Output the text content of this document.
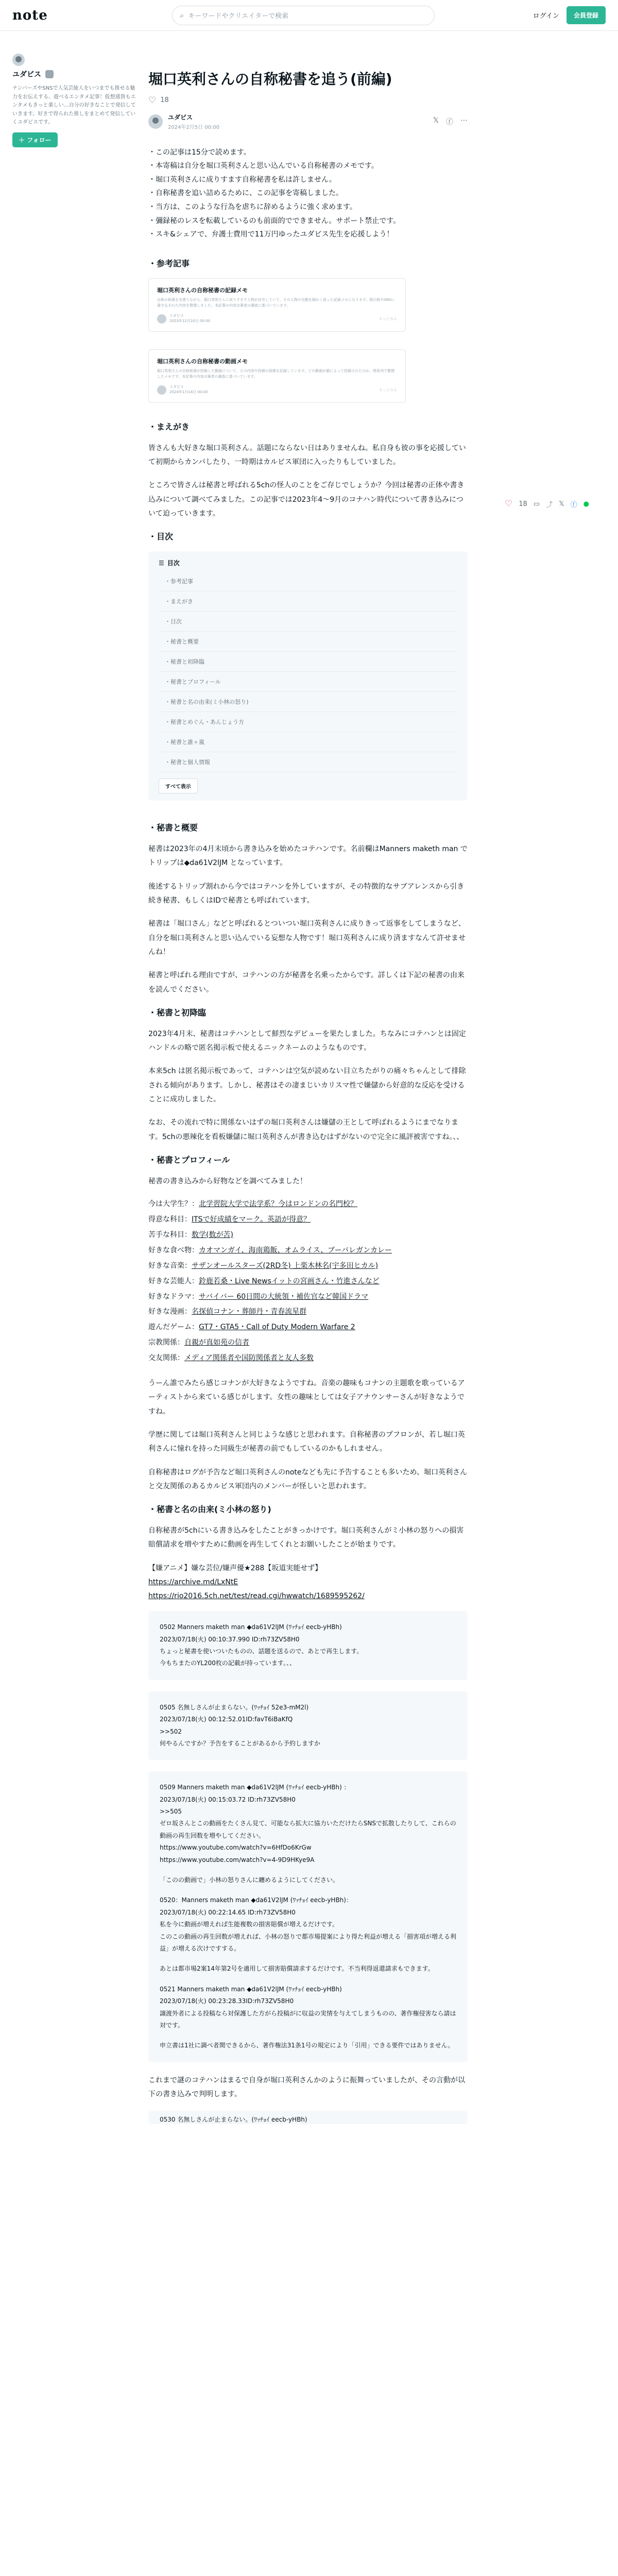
note	⌕ キーワードやクリエイターで検索	ログイン	会員登録
ユダビス
ナンバーズやSNSで人気芸能人をいつまでも推せる魅力をお伝えする、遊べるエンタメ記事！仮想通貨もエンタメもきっと楽しい…自分の好きなことで発信していきます。好きで得られた推しをまとめて発信していくユダビスです。
＋ フォロー
♡ 18 ▭ ⤴ 𝕏 ⓕ ●
堀口英利さんの自称秘書を追う(前編)
♡ 18
ユダビス
2024年2月5日 00:00
𝕏 ⓕ ⋯
・ この記事は15分で読めます。
・ 本寄稿は自分を堀口英利さんと思い込んでいる自称秘書のメモです。
・ 堀口英利さんに成りすます自称秘書を私は許しません。
・ 自称秘書を追い詰めるために、この記事を寄稿しました。
・ 当方は、このような行為を虐ちに辞めるように強く求めます。
・ 彌録秘のレスを転載しているのも前面的でできません。サポート禁止です。
・ スキ&シェアで、弁護士費用で11万円ゆったユダビス先生を応援しよう！
・参考記事
堀口英利さんの自称秘書の記録メモ
自称の秘書を名乗りながら、堀口英利さんに成りすます人物が存在していて、その人物の言動を細かく追った記録メモになります。掲示板やSNSに書き込まれた内容を整理しました。本記事の内容は筆者の調査に基づいています。
ユダビス
2023年12月10日 00:00	もっとみる
堀口英利さんの自称秘書の動画メモ
堀口英利さんの自称秘書が投稿した動画について、その内容や投稿の経緯を記録しています。どの動画が誰によって投稿されたのか、時系列で整理したメモです。本記事の内容は筆者の調査に基づいています。
ユダビス
2024年1月14日 00:00	もっとみる
・まえがき

皆さんも大好きな堀口英利さん。話題にならない日はありませんね。私自身も彼の事を応援していて初期からカンパしたり、一時期はカルビス軍団に入ったりもしていました。

ところで皆さんは秘書と呼ばれる5chの怪人のことをご存じでしょうか？今回は秘書の正体や書き込みについて調べてみました。この記事では2023年4〜9月のコナハン時代について書き込みについて迫っていきます。

・目次
☰ 目次
・参考記事
・まえがき
・目次
・秘書と概要
・秘書と初降臨
・秘書とプロフィール
・秘書と名の由来(ミ小林の怒り)
・秘書とめぐん・あんじょう方
・秘書と誰ヶ嵐
・秘書と個人情報
すべて表示
・秘書と概要

秘書は2023年の4月末頃から書き込みを始めたコテハンです。名前欄はManners maketh man でトリップは◆da61V2lJM となっています。

後述するトリップ割れから今ではコテハンを外していますが、その特徴的なサブアレンスから引き続き秘書、もしくはIDで秘書とも呼ばれています。

秘書は「堀口さん」などと呼ばれるとついつい堀口英利さんに成りきって返事をしてしまうなど、自分を堀口英利さんと思い込んでいる妄想な人物です！堀口英利さんに成り済ますなんて許せませんね！

秘書と呼ばれる理由ですが、コテハンの方が秘書を名乗ったからです。詳しくは下記の秘書の由来を読んでください。

・秘書と初降臨

2023年4月末、秘書はコテハンとして鮮烈なデビューを果たしました。ちなみにコテハンとは固定ハンドルの略で匿名掲示板で使えるニックネームのようなものです。

本来5ch は匿名掲示板であって、コテハンは空気が読めない目立ちたがりの痛々ちゃんとして排除される傾向があります。しかし、秘書はその凄まじいカリスマ性で嫌儲から好意的な反応を受けることに成功しました。

なお、その流れで特に関係ないはずの堀口英利さんは嫌儲の王として呼ばれるようにまでなります。5chの悪辣化を看板嫌儲に堀口英利さんが書き込むはずがないので完全に風評被害ですね。、、

・秘書とプロフィール

秘書の書き込みから好物などを調べてみました！

今は大学生？：北学習院大学で法学系？今はロンドンの名門校？

得意な科目：ITSで好成績をマーク。英語が得意？

苦手な科目：数学(数が苦)

好きな食べ物：カオマンガイ、海南鶏飯、オムライス、ブーバレガンカレー

好きな音楽：サザンオールスターズ(2RD冬) 上楽木林名(宇多田ヒカル)

好きな芸能人：鈴鹿若桑・Live Newsイットの宮画さん・竹進さんなど

好きなドラマ：サバイバー 60日間の大統領・補佐官など韓国ドラマ

好きな漫画：名探偵コナン・葬師丹・青春流星群

遊んだゲーム：GT7・GTA5・Call of Duty Modern Warfare 2

宗教関係：自親が真如苑の信者

交友関係：メディア関係者や国防関係者と友人多数

うーん誰でみたら感じコナンが大好きなようですね。音楽の趣味もコナンの主題歌を歌っているアーティストから来ている感じがします。女性の趣味としては女子アナウンサーさんが好きなようですね。

学歴に関しては堀口英利さんと同じような感じと思われます。自称秘書のプフロンが、若し堀口英利さんに憧れを持った同級生が秘書の前でもしているのかもしれません。

自称秘書はログが予告など堀口英利さんのnoteなども先に予告することも多いため、堀口英利さんと交友関係のあるカルビス軍団内のメンバーが怪しいと思われます。

・秘書と名の由来(ミ小林の怒り)

自称秘書が5chにいる書き込みをしたことがきっかけです。堀口英利さんがミ小林の怒りへの損害賠償請求を増やすために動画を再生してくれとお願いしたことが始まりです。

【嫌アニメ】嫌な芸位/嫌声優★288【坂道実能せず】

https://archive.md/LxNtE
https://rio2016.5ch.net/test/read.cgi/hwwatch/1689595262/

0502 Manners maketh man ◆da61V2lJM (ﾜｯﾁｮｲ eecb-yHBh)

2023/07/18(火) 00:10:37.990 ID:rh73ZV58H0

ちょっと秘書を使いついたものの、話題を送るので、あとで再生します。

今もちまたのYL200枚の記載が持っています。、、

0505 名無しさんが止まらない。(ﾜｯﾁｮｲ 52e3-mM2l)

2023/07/18(火) 00:12:52.01ID:favT6iBaKfQ

>>502

何やるんですか？予告をすることがあるから予約しますか

0509 Manners maketh man ◆da61V2lJM (ﾜｯﾁｮｲ eecb-yHBh) ：

2023/07/18(火) 00:15:03.72 ID:rh73ZV58H0

>>505

ゼロ坂さんとこの動画をたくさん見て、可能なら拡大に協力いただけたらSNSで拡散したりして、これらの動画の再生回数を増やしてください。

https://www.youtube.com/watch?v=6HfDo6KrGw

https://www.youtube.com/watch?v=4-9D9HKye9A

「このの動画で」小林の怒りさんに纏めるようにしてください。

0520：Manners maketh man ◆da61V2lJM (ﾜｯﾁｮｲ eecb-yHBh)：

2023/07/18(火) 00:22:14.65 ID:rh73ZV58H0

私を今に動画が増えれば生能複数の損害賠償が増えるだけです。

このこの動画の再生回数が増えれば、小林の怒りで都市場提案により得た利益が増える「損害項が増える利益」が増える次けですする。

あとは都市場2案14年第2号を適用して損害賠償請求するだけです。不当利得返還請求もできます。

0521 Manners maketh man ◆da61V2lJM (ﾜｯﾁｮｲ eecb-yHBh)

2023/07/18(火) 00:23:28.33ID:rh73ZV58H0

譲渡外者による投稿なら対保護した方がら投稿がに収益の実情を与えてしまうものの、著作権侵害なら請は対です。

申立書は1社に調べ者関できるから、著作権法31条1号の規定により「引用」できる要件ではありません。

これまで謎のコテハンはまるで自身が堀口英利さんかのように振舞っていましたが、その言動が以下の書き込みで判明します。

0530 名無しさんが止まらない。(ﾜｯﾁｮｲ eecb-yHBh)
